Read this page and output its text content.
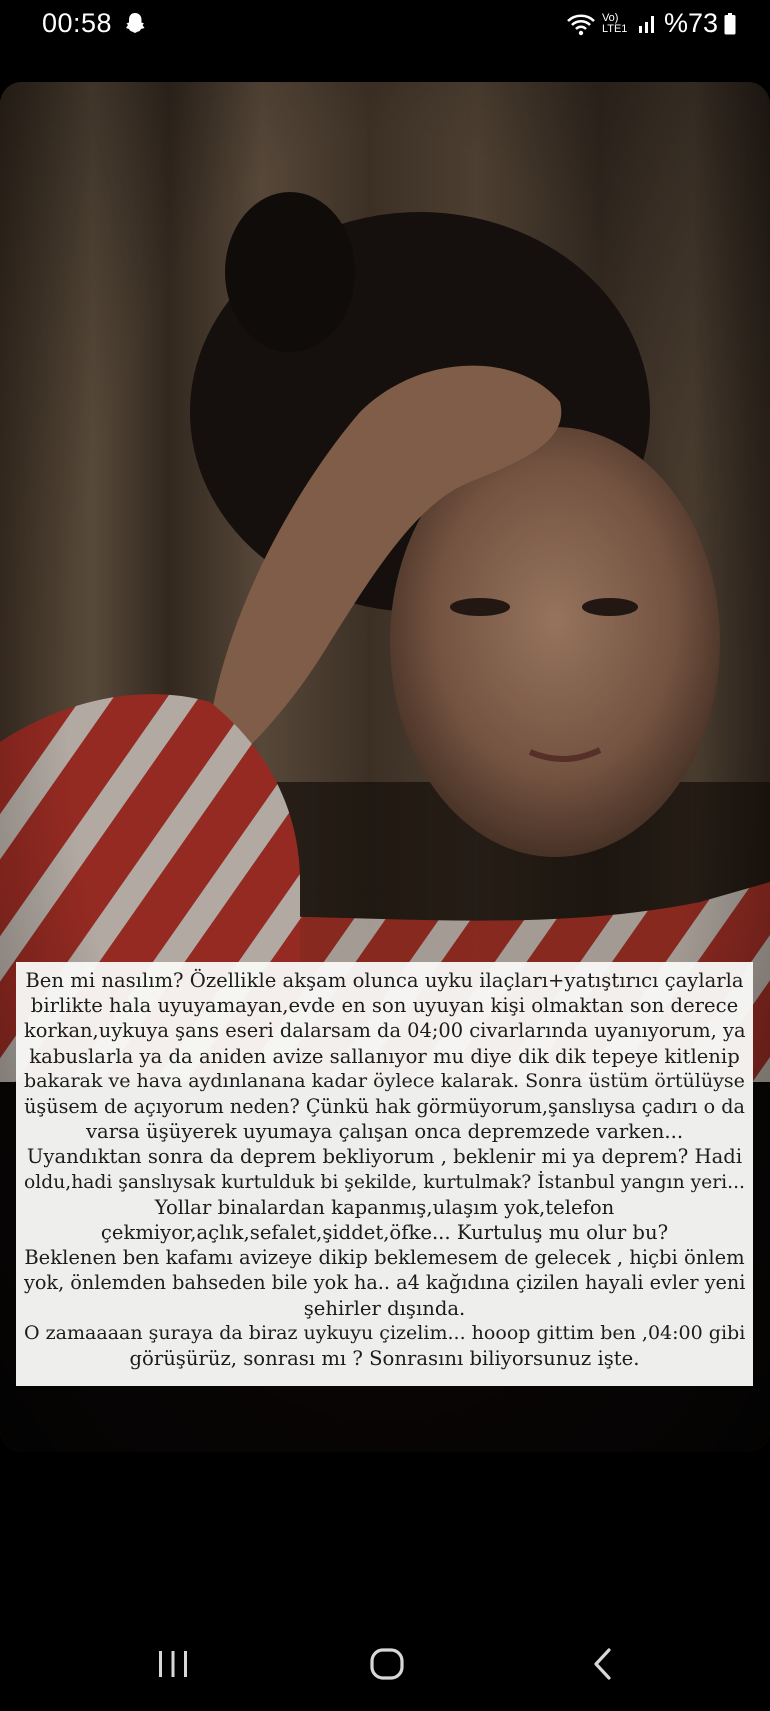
00:58	Vo)
LTE1 %73
Ben mi nasılım? Özellikle akşam olunca uyku ilaçları+yatıştırıcı çaylarla
birlikte hala uyuyamayan,evde en son uyuyan kişi olmaktan son derece
korkan,uykuya şans eseri dalarsam da 04;00 civarlarında uyanıyorum, ya
kabuslarla ya da aniden avize sallanıyor mu diye dik dik tepeye kitlenip
bakarak ve hava aydınlanana kadar öylece kalarak. Sonra üstüm örtülüyse
üşüsem de açıyorum neden? Çünkü hak görmüyorum,şanslıysa çadırı o da
varsa üşüyerek uyumaya çalışan onca depremzede varken...
Uyandıktan sonra da deprem bekliyorum , beklenir mi ya deprem? Hadi
oldu,hadi şanslıysak kurtulduk bi şekilde, kurtulmak? İstanbul yangın yeri...
Yollar binalardan kapanmış,ulaşım yok,telefon
çekmiyor,açlık,sefalet,şiddet,öfke... Kurtuluş mu olur bu?
Beklenen ben kafamı avizeye dikip beklemesem de gelecek , hiçbi önlem
yok, önlemden bahseden bile yok ha.. a4 kağıdına çizilen hayali evler yeni
şehirler dışında.
O zamaaaan şuraya da biraz uykuyu çizelim... hooop gittim ben ,04:00 gibi
görüşürüz, sonrası mı ? Sonrasını biliyorsunuz işte.
